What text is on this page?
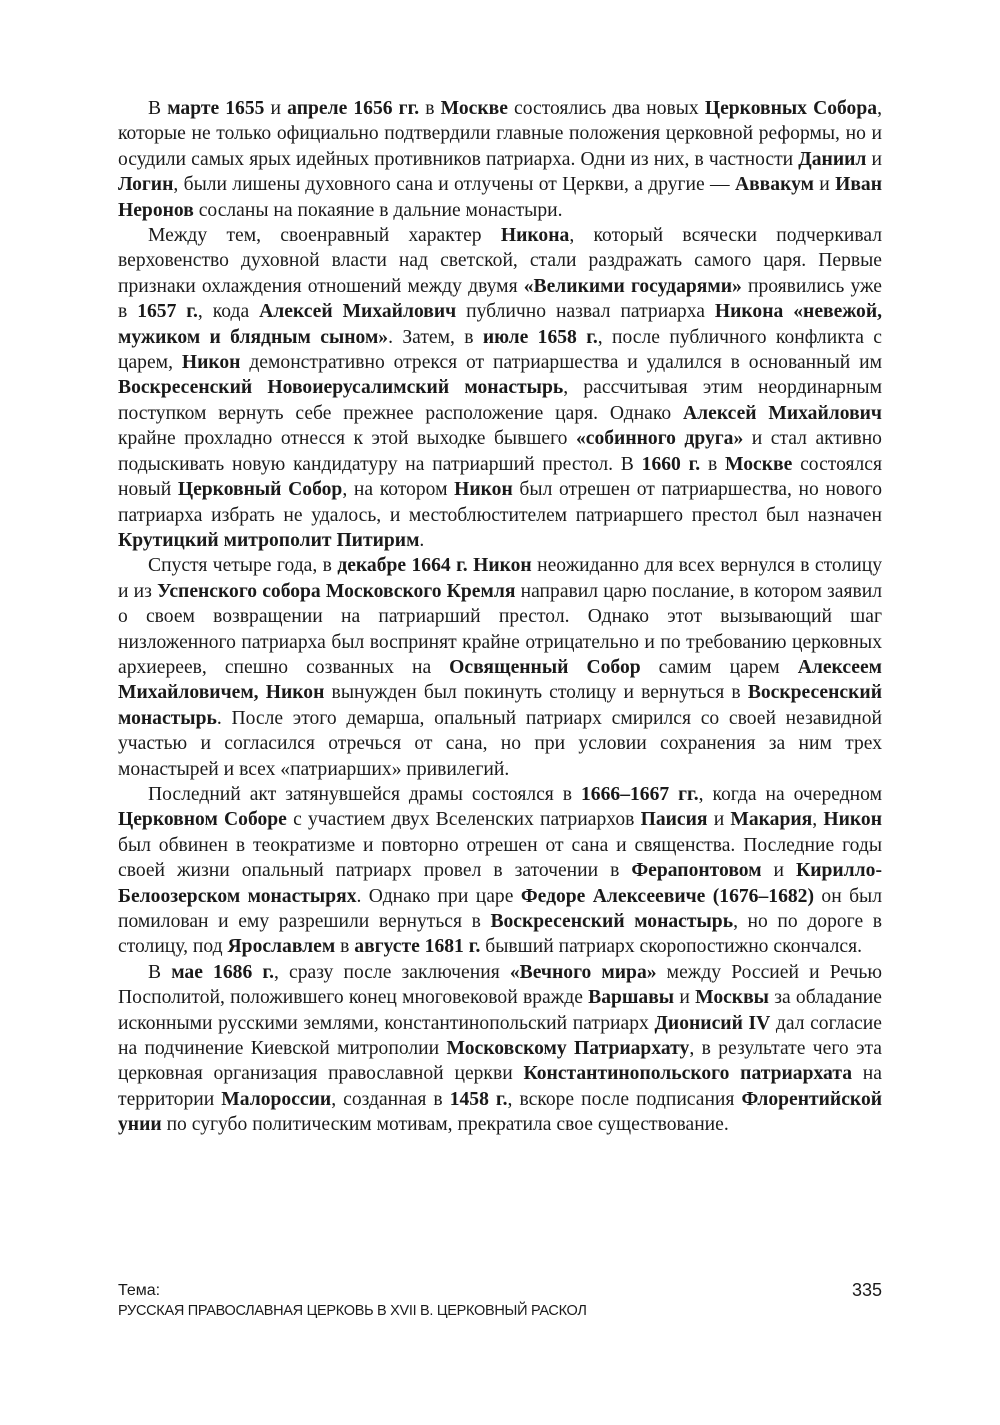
В марте 1655 и апреле 1656 гг. в Москве состоялись два новых Церковных Собора, которые не только официально подтвердили главные положения церковной реформы, но и осудили самых ярых идейных противников патриарха. Одни из них, в частности Даниил и Логин, были лишены духовного сана и отлучены от Церкви, а другие — Аввакум и Иван Неронов сосланы на покаяние в дальние монастыри.

Между тем, своенравный характер Никона, который всячески подчеркивал верховенство духовной власти над светской, стали раздражать самого царя. Первые признаки охлаждения отношений между двумя «Великими государями» проявились уже в 1657 г., кода Алексей Михайлович публично назвал патриарха Никона «невежой, мужиком и блядным сыном». Затем, в июле 1658 г., после публичного конфликта с царем, Никон демонстративно отрекся от патриаршества и удалился в основанный им Воскресенский Новоиерусалимский монастырь, рассчитывая этим неординарным поступком вернуть себе прежнее расположение царя. Однако Алексей Михайлович крайне прохладно отнесся к этой выходке бывшего «собинного друга» и стал активно подыскивать новую кандидатуру на патриарший престол. В 1660 г. в Москве состоялся новый Церковный Собор, на котором Никон был отрешен от патриаршества, но нового патриарха избрать не удалось, и местоблюстителем патриаршего престол был назначен Крутицкий митрополит Питирим.

Спустя четыре года, в декабре 1664 г. Никон неожиданно для всех вернулся в столицу и из Успенского собора Московского Кремля направил царю послание, в котором заявил о своем возвращении на патриарший престол. Однако этот вызывающий шаг низложенного патриарха был воспринят крайне отрицательно и по требованию церковных архиереев, спешно созванных на Освященный Собор самим царем Алексеем Михайловичем, Никон вынужден был покинуть столицу и вернуться в Воскресенский монастырь. После этого демарша, опальный патриарх смирился со своей незавидной участью и согласился отречься от сана, но при условии сохранения за ним трех монастырей и всех «патриарших» привилегий.

Последний акт затянувшейся драмы состоялся в 1666–1667 гг., когда на очередном Церковном Соборе с участием двух Вселенских патриархов Паисия и Макария, Никон был обвинен в теократизме и повторно отрешен от сана и священства. Последние годы своей жизни опальный патриарх провел в заточении в Ферапонтовом и Кирилло-Белоозерском монастырях. Однако при царе Федоре Алексеевиче (1676–1682) он был помилован и ему разрешили вернуться в Воскресенский монастырь, но по дороге в столицу, под Ярославлем в августе 1681 г. бывший патриарх скоропостижно скончался.

В мае 1686 г., сразу после заключения «Вечного мира» между Россией и Речью Посполитой, положившего конец многовековой вражде Варшавы и Москвы за обладание исконными русскими землями, константинопольский патриарх Дионисий IV дал согласие на подчинение Киевской митрополии Московскому Патриархату, в результате чего эта церковная организация православной церкви Константинопольского патриархата на территории Малороссии, созданная в 1458 г., вскоре после подписания Флорентийской унии по сугубо политическим мотивам, прекратила свое существование.

Тема:
РУССКАЯ ПРАВОСЛАВНАЯ ЦЕРКОВЬ В XVII В. ЦЕРКОВНЫЙ РАСКОЛ
335
